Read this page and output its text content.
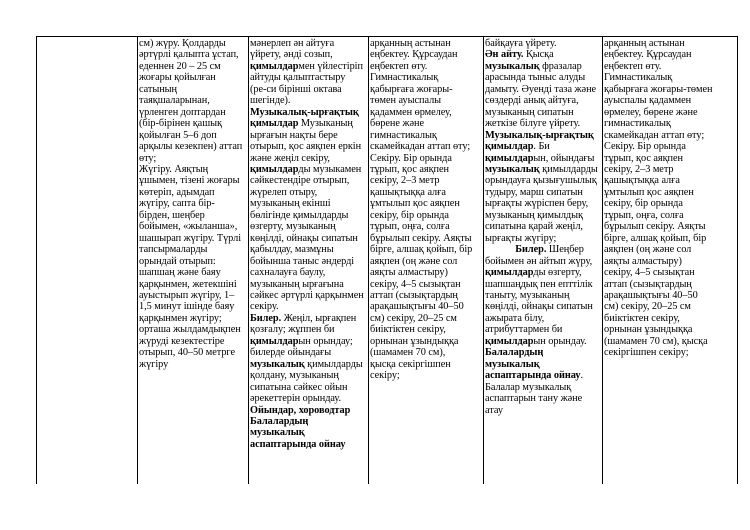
см) жүру. Қолдарды
әртүрлі қалыпта ұстап,
еденнен 20 – 25 см
жоғары қойылған
сатының
таяқшаларынан,
үрленген доптардан
(бір-бірінен қашық
қойылған 5–6 доп
арқылы кезекпен) аттап
өту;
Жүгіру. Аяқтың
ұшымен, тізені жоғары
көтеріп, адымдап
жүгіру, сапта бір-
бірден, шеңбер
бойымен, «жыланша»,
шашырап жүгіру. Түрлі
тапсырмаларды
орындай отырып:
шапшаң және баяу
қарқынмен, жетекшіні
ауыстырып жүгіру, 1–
1,5 минут ішінде баяу
қарқынмен жүгіру;
орташа жылдамдықпен
жүруді кезектестіре
отырып, 40–50 метрге
жүгіру
мәнерлеп ән айтуға
үйрету, әнді созып,
қимылдармен үйлестіріп
айтуды қалыптастыру
(ре-си бірінші октава
шегінде).
Музыкалық-ырғақтық
қимылдар Музыканың
ырғағын нақты бере
отырып, қос аяқпен еркін
және жеңіл секіру,
қимылдарды музыкамен
сәйкестендіре отырып,
жүрелеп отыру,
музыканың екінші
бөлігінде қимылдарды
өзгерту, музыканың
көңілді, ойнақы сипатын
қабылдау, мазмұны
бойынша таныс әндерді
сахналауға баулу,
музыканың ырғағына
сәйкес әртүрлі қарқынмен
секіру.
Билер. Жеңіл, ырғақпен
қозғалу; жұппен би
қимылдарын орындау;
билерде ойындағы
музыкалық қимылдарды
қолдану, музыканың
сипатына сәйкес ойын
әрекеттерін орындау.
Ойындар, хороводтар
Балалардың
музыкалық
аспаптарында ойнау
арқанның астынан
еңбектеу. Құрсаудан
еңбектеп өту.
Гимнастикалық
қабырғаға жоғары-
төмен ауыспалы
қадаммен өрмелеу,
бөрене және
гимнастикалық
скамейкадан аттап өту;
Секіру. Бір орында
тұрып, қос аяқпен
секіру, 2–3 метр
қашықтыққа алға
ұмтылып қос аяқпен
секіру, бір орында
тұрып, оңға, солға
бұрылып секіру. Аяқты
бірге, алшақ қойып, бір
аяқпен (оң және сол
аяқты алмастыру)
секіру, 4–5 сызықтан
аттап (сызықтардың
арақашықтығы 40–50
см) секіру, 20–25 см
биіктіктен секіру,
орнынан ұзындыққа
(шамамен 70 см),
қысқа секіргішпен
секіру;
байқауға үйрету.
Ән айту. Қысқа
музыкалық фразалар
арасында тыныс алуды
дамыту. Әуенді таза және
сөздерді анық айтуға,
музыканың сипатын
жеткізе білуге үйрету.
Музыкалық-ырғақтық
қимылдар. Би
қимылдарын, ойындағы
музыкалық қимылдарды
орындауға қызығушылық
тудыру, марш сипатын
ырғақты жүріспен беру,
музыканың қимылдық
сипатына қарай жеңіл,
ырғақты жүгіру;
Билер. Шеңбер
бойымен ән айтып жүру,
қимылдарды өзгерту,
шапшаңдық пен епттілік
таныту, музыканың
көңілді, ойнақы сипатын
ажырата білу,
атрибуттармен би
қимылдарын орындау.
Балалардың
музыкалық
аспаптарында ойнау.
Балалар музыкалық
аспаптарын тану және
атау
арқанның астынан
еңбектеу. Құрсаудан
еңбектеп өту.
Гимнастикалық
қабырғаға жоғары-төмен
ауыспалы қадаммен
өрмелеу, бөрене және
гимнастикалық
скамейкадан аттап өту;
Секіру. Бір орында
тұрып, қос аяқпен
секіру, 2–3 метр
қашықтыққа алға
ұмтылып қос аяқпен
секіру, бір орында
тұрып, оңға, солға
бұрылып секіру. Аяқты
бірге, алшақ қойып, бір
аяқпен (оң және сол
аяқты алмастыру)
секіру, 4–5 сызықтан
аттап (сызықтардың
арақашықтығы 40–50
см) секіру, 20–25 см
биіктіктен секіру,
орнынан ұзындыққа
(шамамен 70 см), қысқа
секіргішпен секіру;
